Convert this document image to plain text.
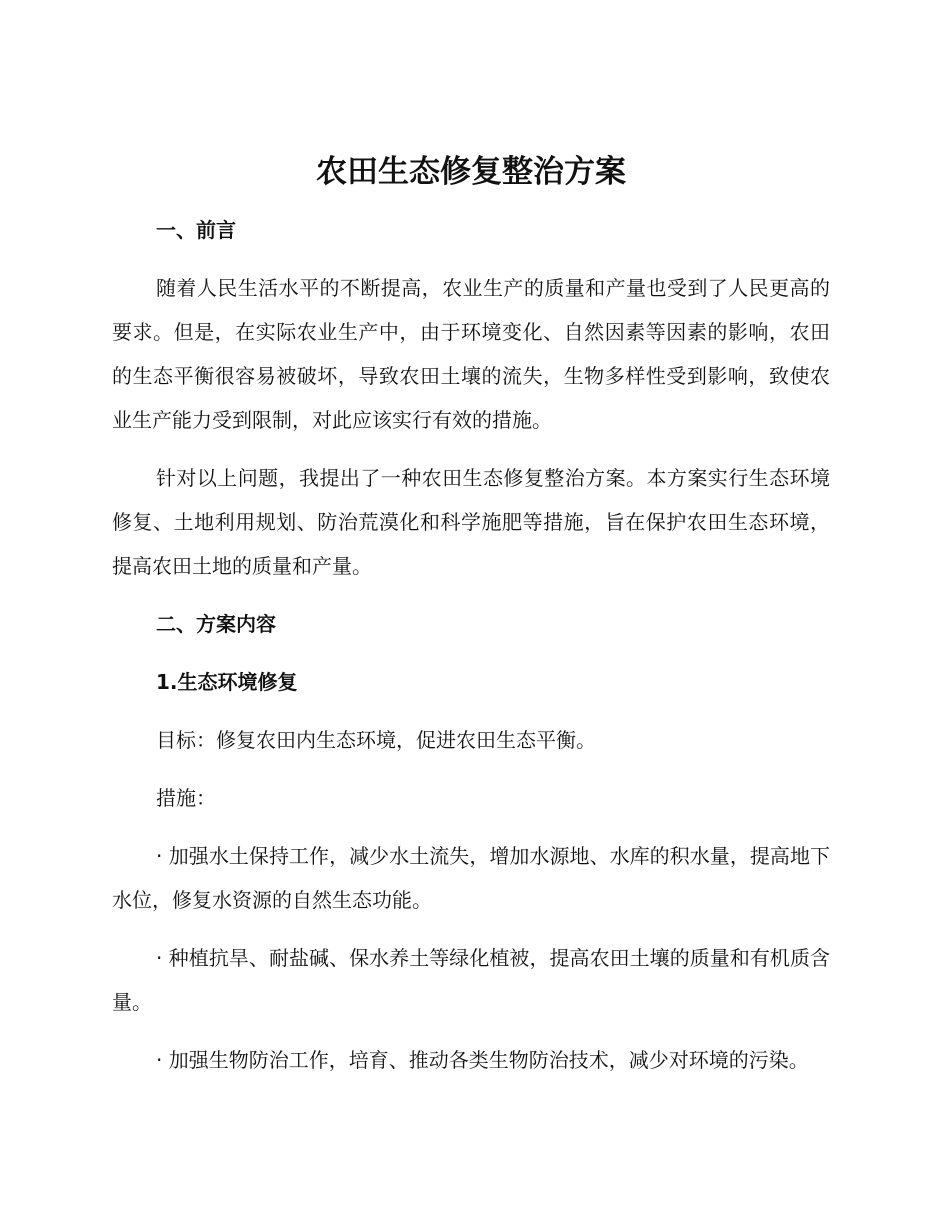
农田生态修复整治方案

一、前言

随着人民生活水平的不断提高，农业生产的质量和产量也受到了人民更高的要求。但是，在实际农业生产中，由于环境变化、自然因素等因素的影响，农田的生态平衡很容易被破坏，导致农田土壤的流失，生物多样性受到影响，致使农业生产能力受到限制，对此应该实行有效的措施。

针对以上问题，我提出了一种农田生态修复整治方案。本方案实行生态环境修复、土地利用规划、防治荒漠化和科学施肥等措施，旨在保护农田生态环境，提高农田土地的质量和产量。

二、方案内容

1.生态环境修复

目标：修复农田内生态环境，促进农田生态平衡。

措施：

· 加强水土保持工作，减少水土流失，增加水源地、水库的积水量，提高地下水位，修复水资源的自然生态功能。

· 种植抗旱、耐盐碱、保水养土等绿化植被，提高农田土壤的质量和有机质含量。

· 加强生物防治工作，培育、推动各类生物防治技术，减少对环境的污染。
